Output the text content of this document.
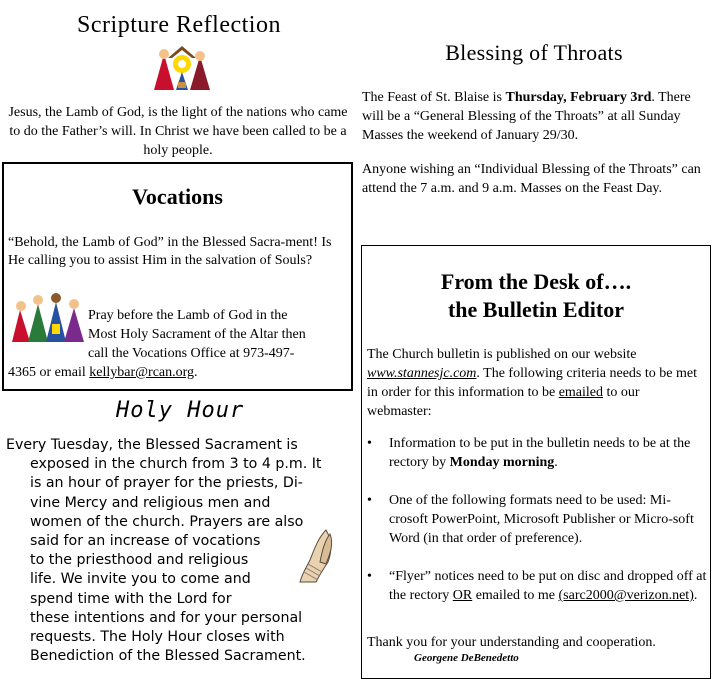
Scripture Reflection
Jesus, the Lamb of God, is the light of the nations who came to do the Father’s will. In Christ we have been called to be a holy people.
Vocations
“Behold, the Lamb of God” in the Blessed Sacra-ment! Is He calling you to assist Him in the salvation of Souls?
Pray before the Lamb of God in the
Most Holy Sacrament of the Altar then
call the Vocations Office at 973-497-
4365 or email kellybar@rcan.org.
Holy Hour
Every Tuesday, the Blessed Sacrament is
exposed in the church from 3 to 4 p.m. It
is an hour of prayer for the priests, Di-
vine Mercy and religious men and
women of the church. Prayers are also
said for an increase of vocations
to the priesthood and religious
life. We invite you to come and
spend time with the Lord for
these intentions and for your personal
requests. The Holy Hour closes with
Benediction of the Blessed Sacrament.
Blessing of Throats
The Feast of St. Blaise is Thursday, February 3rd. There will be a “General Blessing of the Throats” at all Sunday Masses the weekend of January 29/30.
Anyone wishing an “Individual Blessing of the Throats” can attend the 7 a.m. and 9 a.m. Masses on the Feast Day.
From the Desk of….
the Bulletin Editor
The Church bulletin is published on our website www.stannesjc.com. The following criteria needs to be met in order for this information to be emailed to our webmaster:
• Information to be put in the bulletin needs to be at the rectory by Monday morning.
• One of the following formats need to be used: Mi-crosoft PowerPoint, Microsoft Publisher or Micro-soft Word (in that order of preference).
• “Flyer” notices need to be put on disc and dropped off at the rectory OR emailed to me (sarc2000@verizon.net).
Thank you for your understanding and cooperation.
Georgene DeBenedetto
